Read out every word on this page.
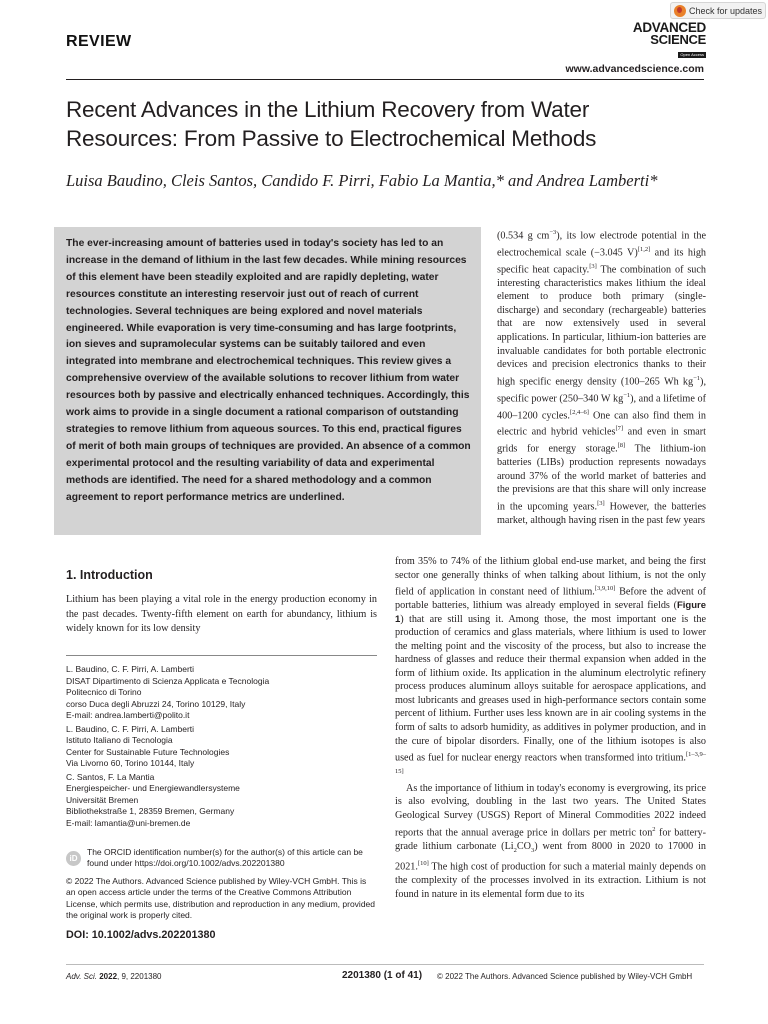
Check for updates
REVIEW
ADVANCED
SCIENCE
Open Access
www.advancedscience.com
Recent Advances in the Lithium Recovery from Water Resources: From Passive to Electrochemical Methods
Luisa Baudino, Cleis Santos, Candido F. Pirri, Fabio La Mantia,* and Andrea Lamberti*
The ever-increasing amount of batteries used in today's society has led to an increase in the demand of lithium in the last few decades. While mining resources of this element have been steadily exploited and are rapidly depleting, water resources constitute an interesting reservoir just out of reach of current technologies. Several techniques are being explored and novel materials engineered. While evaporation is very time-consuming and has large footprints, ion sieves and supramolecular systems can be suitably tailored and even integrated into membrane and electrochemical techniques. This review gives a comprehensive overview of the available solutions to recover lithium from water resources both by passive and electrically enhanced techniques. Accordingly, this work aims to provide in a single document a rational comparison of outstanding strategies to remove lithium from aqueous sources. To this end, practical figures of merit of both main groups of techniques are provided. An absence of a common experimental protocol and the resulting variability of data and experimental methods are identified. The need for a shared methodology and a common agreement to report performance metrics are underlined.
(0.534 g $cm^{-3}$), its low electrode potential in the electrochemical scale (−3.045 V)[1,2] and its high specific heat capacity.[3] The combination of such interesting characteristics makes lithium the ideal element to produce both primary (single-discharge) and secondary (rechargeable) batteries that are now extensively used in several applications. In particular, lithium-ion batteries are invaluable candidates for both portable electronic devices and precision electronics thanks to their high specific energy density (100–265 Wh $kg^{-1}$), specific power (250–340 W $kg^{-1}$), and a lifetime of 400–1200 cycles.[2,4–6] One can also find them in electric and hybrid vehicles[7] and even in smart grids for energy storage.[8] The lithium-ion batteries (LIBs) production represents nowadays around 37% of the world market of batteries and the previsions are that this share will only increase in the upcoming years.[3] However, the batteries market, although having risen in the past few years

from 35% to 74% of the lithium global end-use market, and being the first sector one generally thinks of when talking about lithium, is not the only field of application in constant need of lithium.[3,9,10] Before the advent of portable batteries, lithium was already employed in several fields (Figure 1) that are still using it. Among those, the most important one is the production of ceramics and glass materials, where lithium is used to lower the melting point and the viscosity of the process, but also to increase the hardness of glasses and reduce their thermal expansion when added in the form of lithium oxide. Its application in the aluminum electrolytic refinery process produces aluminum alloys suitable for aerospace applications, and most lubricants and greases used in high-performance sectors contain some percent of lithium. Further uses less known are in air cooling systems in the form of salts to adsorb humidity, as additives in polymer production, and in the cure of bipolar disorders. Finally, one of the lithium isotopes is also used as fuel for nuclear energy reactors when transformed into tritium.[1–3,9–15]

As the importance of lithium in today's economy is evergrowing, its price is also evolving, doubling in the last two years. The United States Geological Survey (USGS) Report of Mineral Commodities 2022 indeed reports that the annual average price in dollars per metric ton$^2$ for battery-grade lithium carbonate $(Li_2CO_3)$ went from 8000 in 2020 to 17000 in 2021.[10] The high cost of production for such a material mainly depends on the complexity of the processes involved in its extraction. Lithium is not found in nature in its elemental form due to its

1. Introduction
Lithium has been playing a vital role in the energy production economy in the past decades. Twenty-fifth element on earth for abundancy, lithium is widely known for its low density
L. Baudino, C. F. Pirri, A. Lamberti
DISAT Dipartimento di Scienza Applicata e Tecnologia
Politecnico di Torino
corso Duca degli Abruzzi 24, Torino 10129, Italy
E-mail: andrea.lamberti@polito.it
L. Baudino, C. F. Pirri, A. Lamberti
Istituto Italiano di Tecnologia
Center for Sustainable Future Technologies
Via Livorno 60, Torino 10144, Italy
C. Santos, F. La Mantia
Energiespeicher- und Energiewandlersysteme
Universität Bremen
Bibliothekstraße 1, 28359 Bremen, Germany
E-mail: lamantia@uni-bremen.de
iD
The ORCID identification number(s) for the author(s) of this article can be found under https://doi.org/10.1002/advs.202201380
© 2022 The Authors. Advanced Science published by Wiley-VCH GmbH. This is an open access article under the terms of the Creative Commons Attribution License, which permits use, distribution and reproduction in any medium, provided the original work is properly cited.
DOI: 10.1002/advs.202201380
Adv. Sci. 2022, 9, 2201380	2201380 (1 of 41) © 2022 The Authors. Advanced Science published by Wiley-VCH GmbH
